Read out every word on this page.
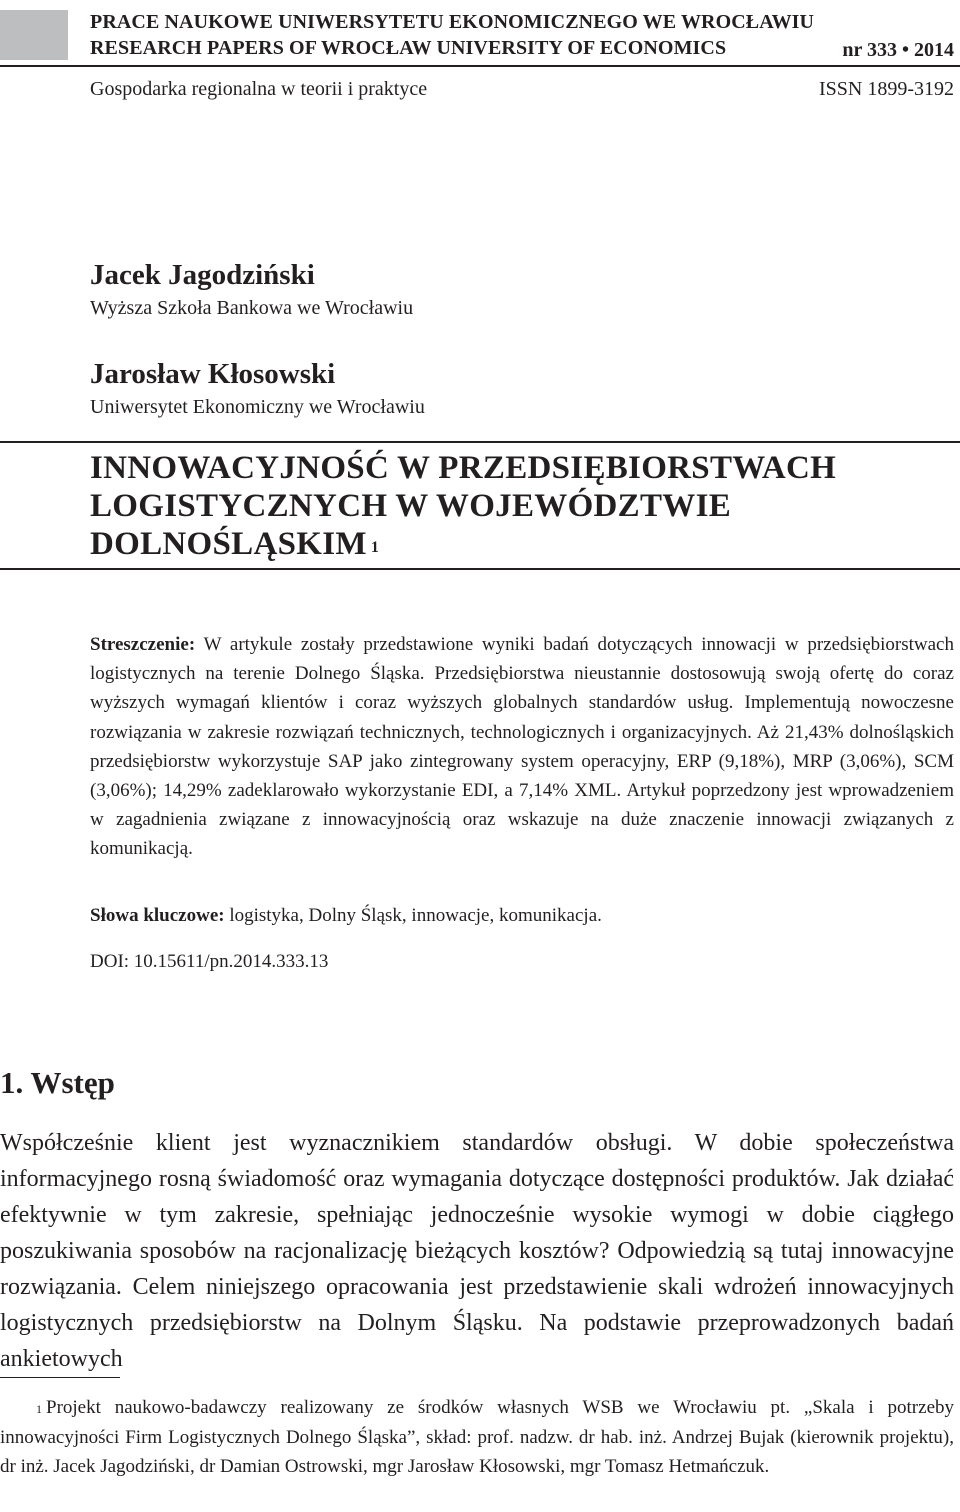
PRACE NAUKOWE UNIWERSYTETU EKONOMICZNEGO WE WROCŁAWIU
RESEARCH PAPERS OF WROCŁAW UNIVERSITY OF ECONOMICS	nr 333 • 2014
Gospodarka regionalna w teorii i praktyce	ISSN 1899-3192
Jacek Jagodziński
Wyższa Szkoła Bankowa we Wrocławiu
Jarosław Kłosowski
Uniwersytet Ekonomiczny we Wrocławiu
INNOWACYJNOŚĆ W PRZEDSIĘBIORSTWACH
LOGISTYCZNYCH W WOJEWÓDZTWIE
DOLNOŚLĄSKIM $^1$
Streszczenie: W artykule zostały przedstawione wyniki badań dotyczących innowacji w przedsiębiorstwach logistycznych na terenie Dolnego Śląska. Przedsiębiorstwa nieustannie dostosowują swoją ofertę do coraz wyższych wymagań klientów i coraz wyższych globalnych standardów usług. Implementują nowoczesne rozwiązania w zakresie rozwiązań technicznych, technologicznych i organizacyjnych. Aż 21,43% dolnośląskich przedsiębiorstw wykorzystuje SAP jako zintegrowany system operacyjny, ERP (9,18%), MRP (3,06%), SCM (3,06%); 14,29% zadeklarowało wykorzystanie EDI, a 7,14% XML. Artykuł poprzedzony jest wprowadzeniem w zagadnienia związane z innowacyjnością oraz wskazuje na duże znaczenie innowacji związanych z komunikacją.
Słowa kluczowe: logistyka, Dolny Śląsk, innowacje, komunikacja.
DOI: 10.15611/pn.2014.333.13
1. Wstęp
Współcześnie klient jest wyznacznikiem standardów obsługi. W dobie społeczeństwa informacyjnego rosną świadomość oraz wymagania dotyczące dostępności produktów. Jak działać efektywnie w tym zakresie, spełniając jednocześnie wysokie wymogi w dobie ciągłego poszukiwania sposobów na racjonalizację bieżących kosztów? Odpowiedzią są tutaj innowacyjne rozwiązania. Celem niniejszego opracowania jest przedstawienie skali wdrożeń innowacyjnych logistycznych przedsiębiorstw na Dolnym Śląsku. Na podstawie przeprowadzonych badań ankietowych
$^1$ Projekt naukowo-badawczy realizowany ze środków własnych WSB we Wrocławiu pt. „Skala i potrzeby innowacyjności Firm Logistycznych Dolnego Śląska”, skład: prof. nadzw. dr hab. inż. Andrzej Bujak (kierownik projektu), dr inż. Jacek Jagodziński, dr Damian Ostrowski, mgr Jarosław Kłosowski, mgr Tomasz Hetmańczuk.
